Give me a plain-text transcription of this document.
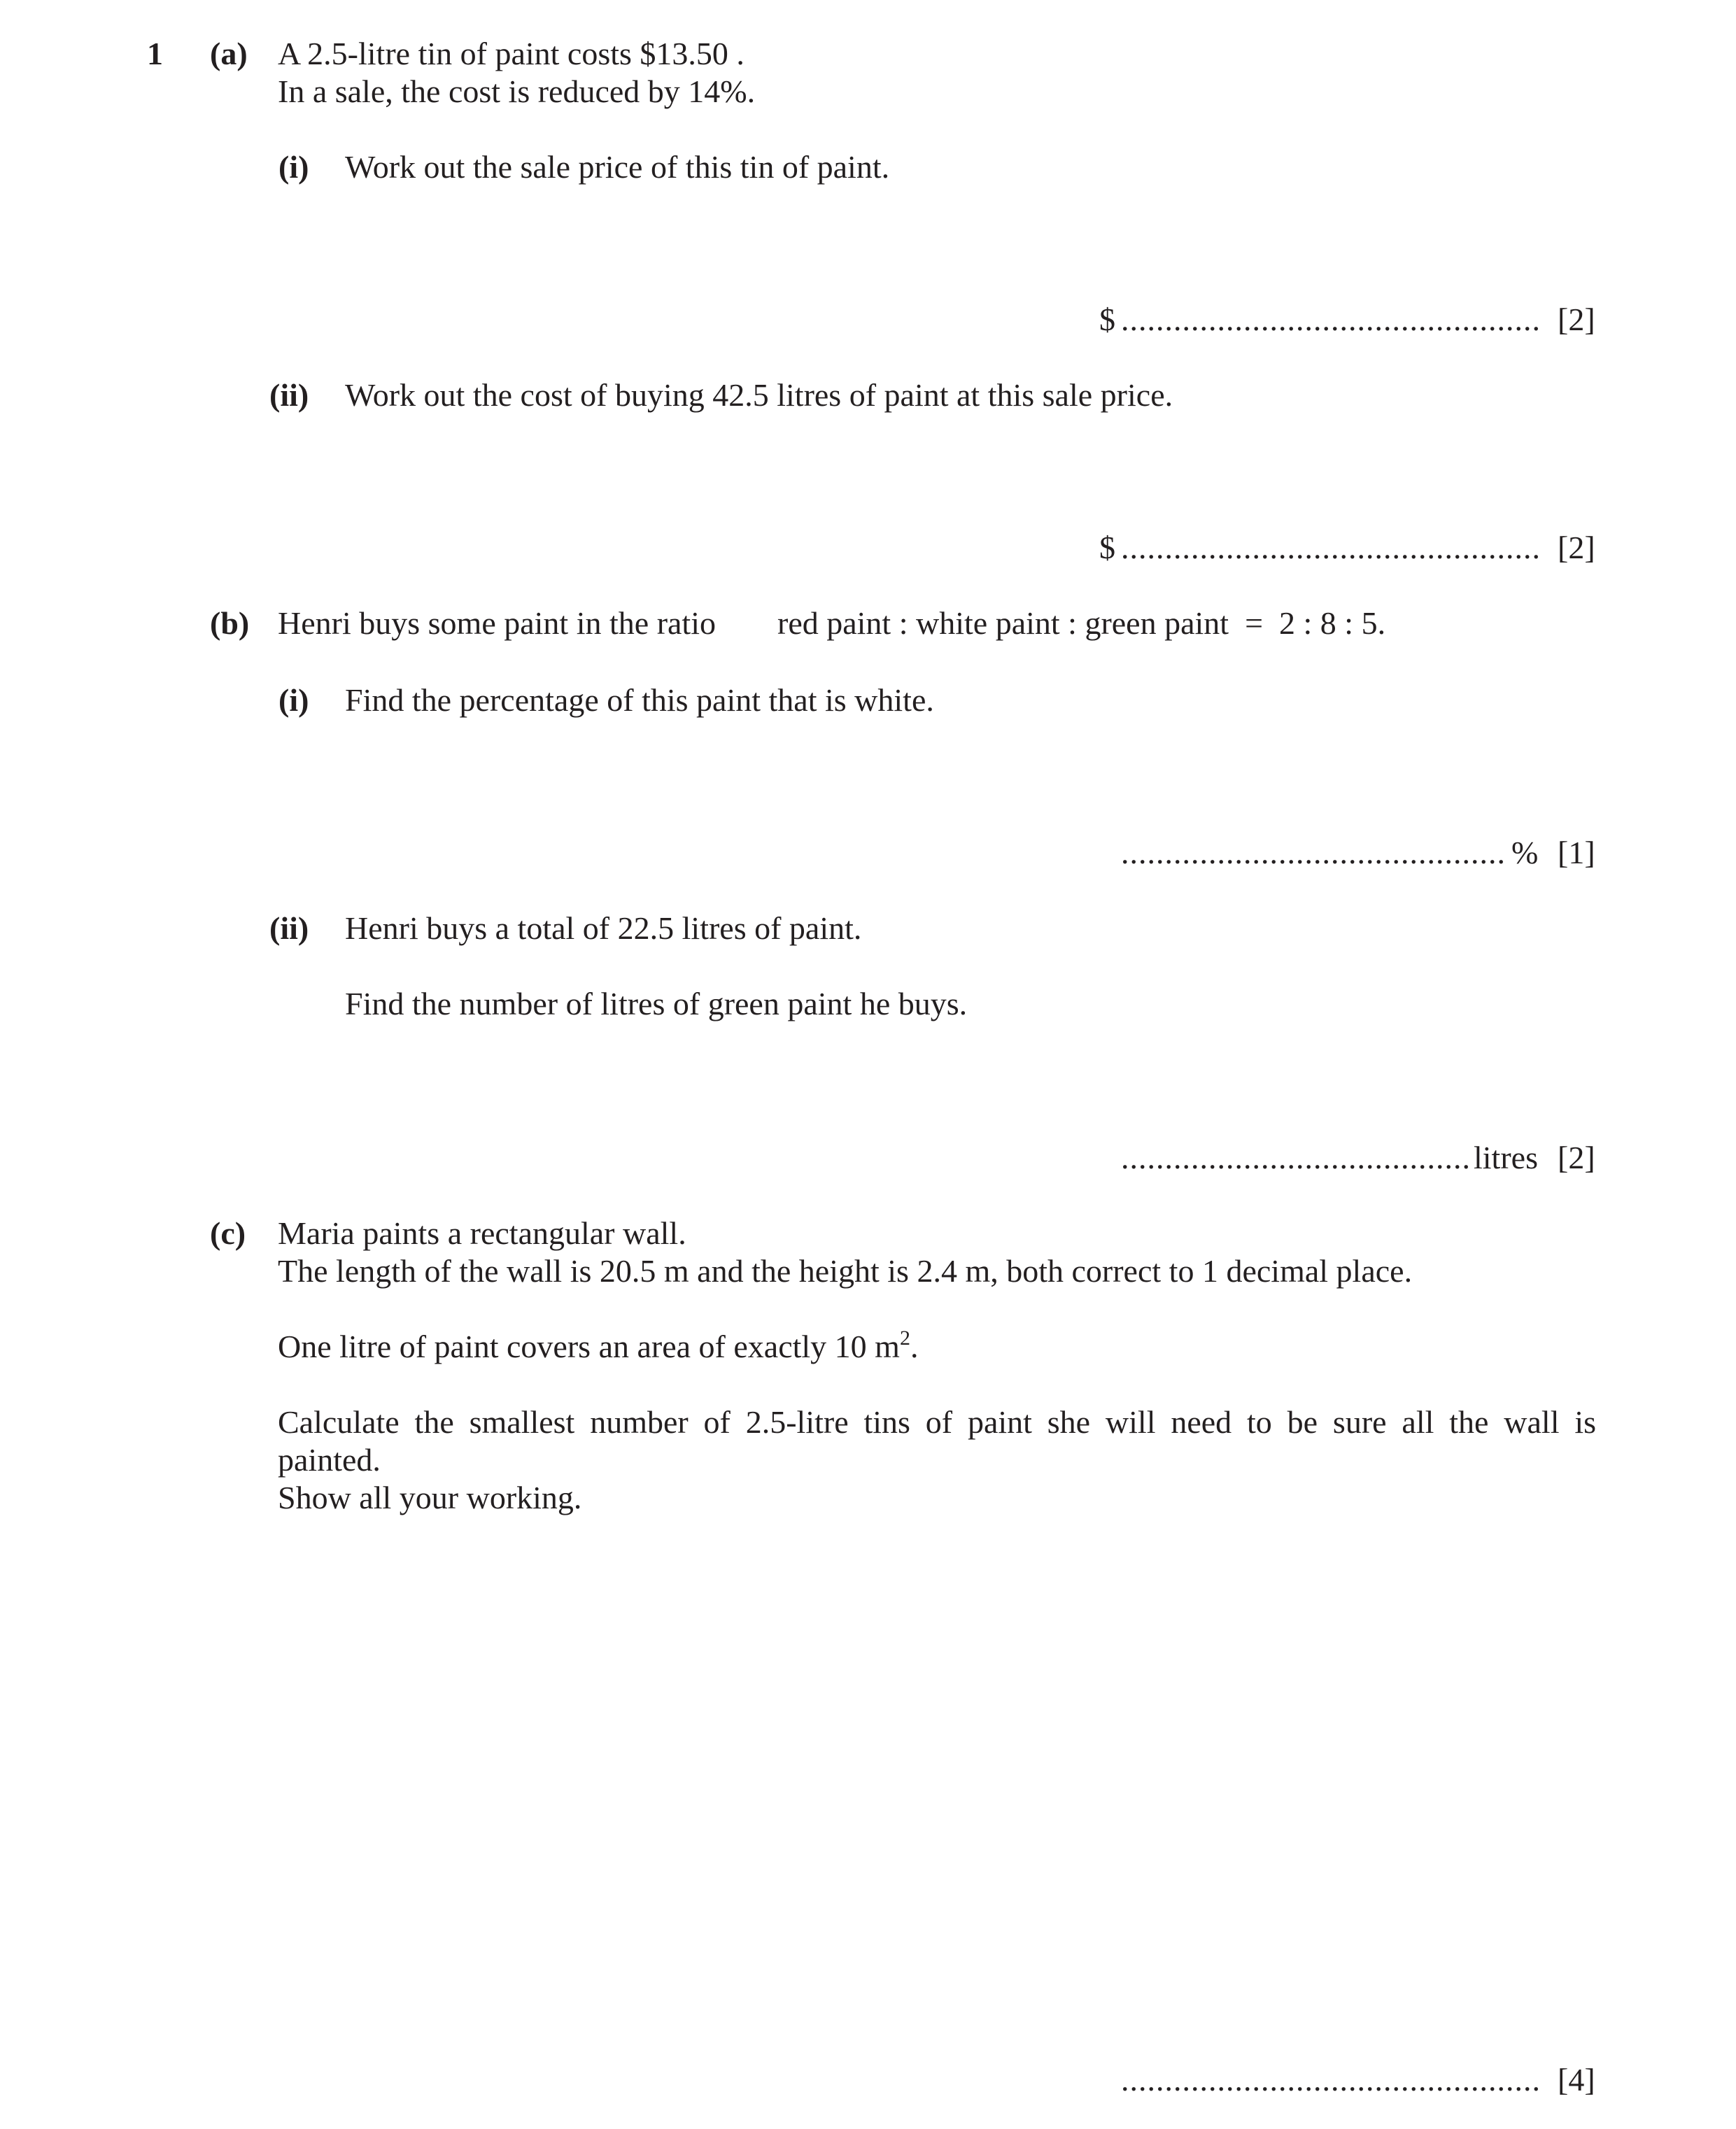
1 (a) A 2.5-litre tin of paint costs $13.50 .
In a sale, the cost is reduced by 14%.
(i) Work out the sale price of this tin of paint.
$ ................................................ [2]
(ii) Work out the cost of buying 42.5 litres of paint at this sale price.
$ ................................................ [2]
(b) Henri buys some paint in the ratio red paint : white paint : green paint  =  2 : 8 : 5.
(i) Find the percentage of this paint that is white.
............................................ % [1]
(ii) Henri buys a total of 22.5 litres of paint.
Find the number of litres of green paint he buys.
........................................ litres [2]
(c) Maria paints a rectangular wall.
The length of the wall is 20.5 m and the height is 2.4 m, both correct to 1 decimal place.
One litre of paint covers an area of exactly 10 $m^2$.
Calculate the smallest number of 2.5-litre tins of paint she will need to be sure all the wall is
painted.
Show all your working.
................................................ [4]
